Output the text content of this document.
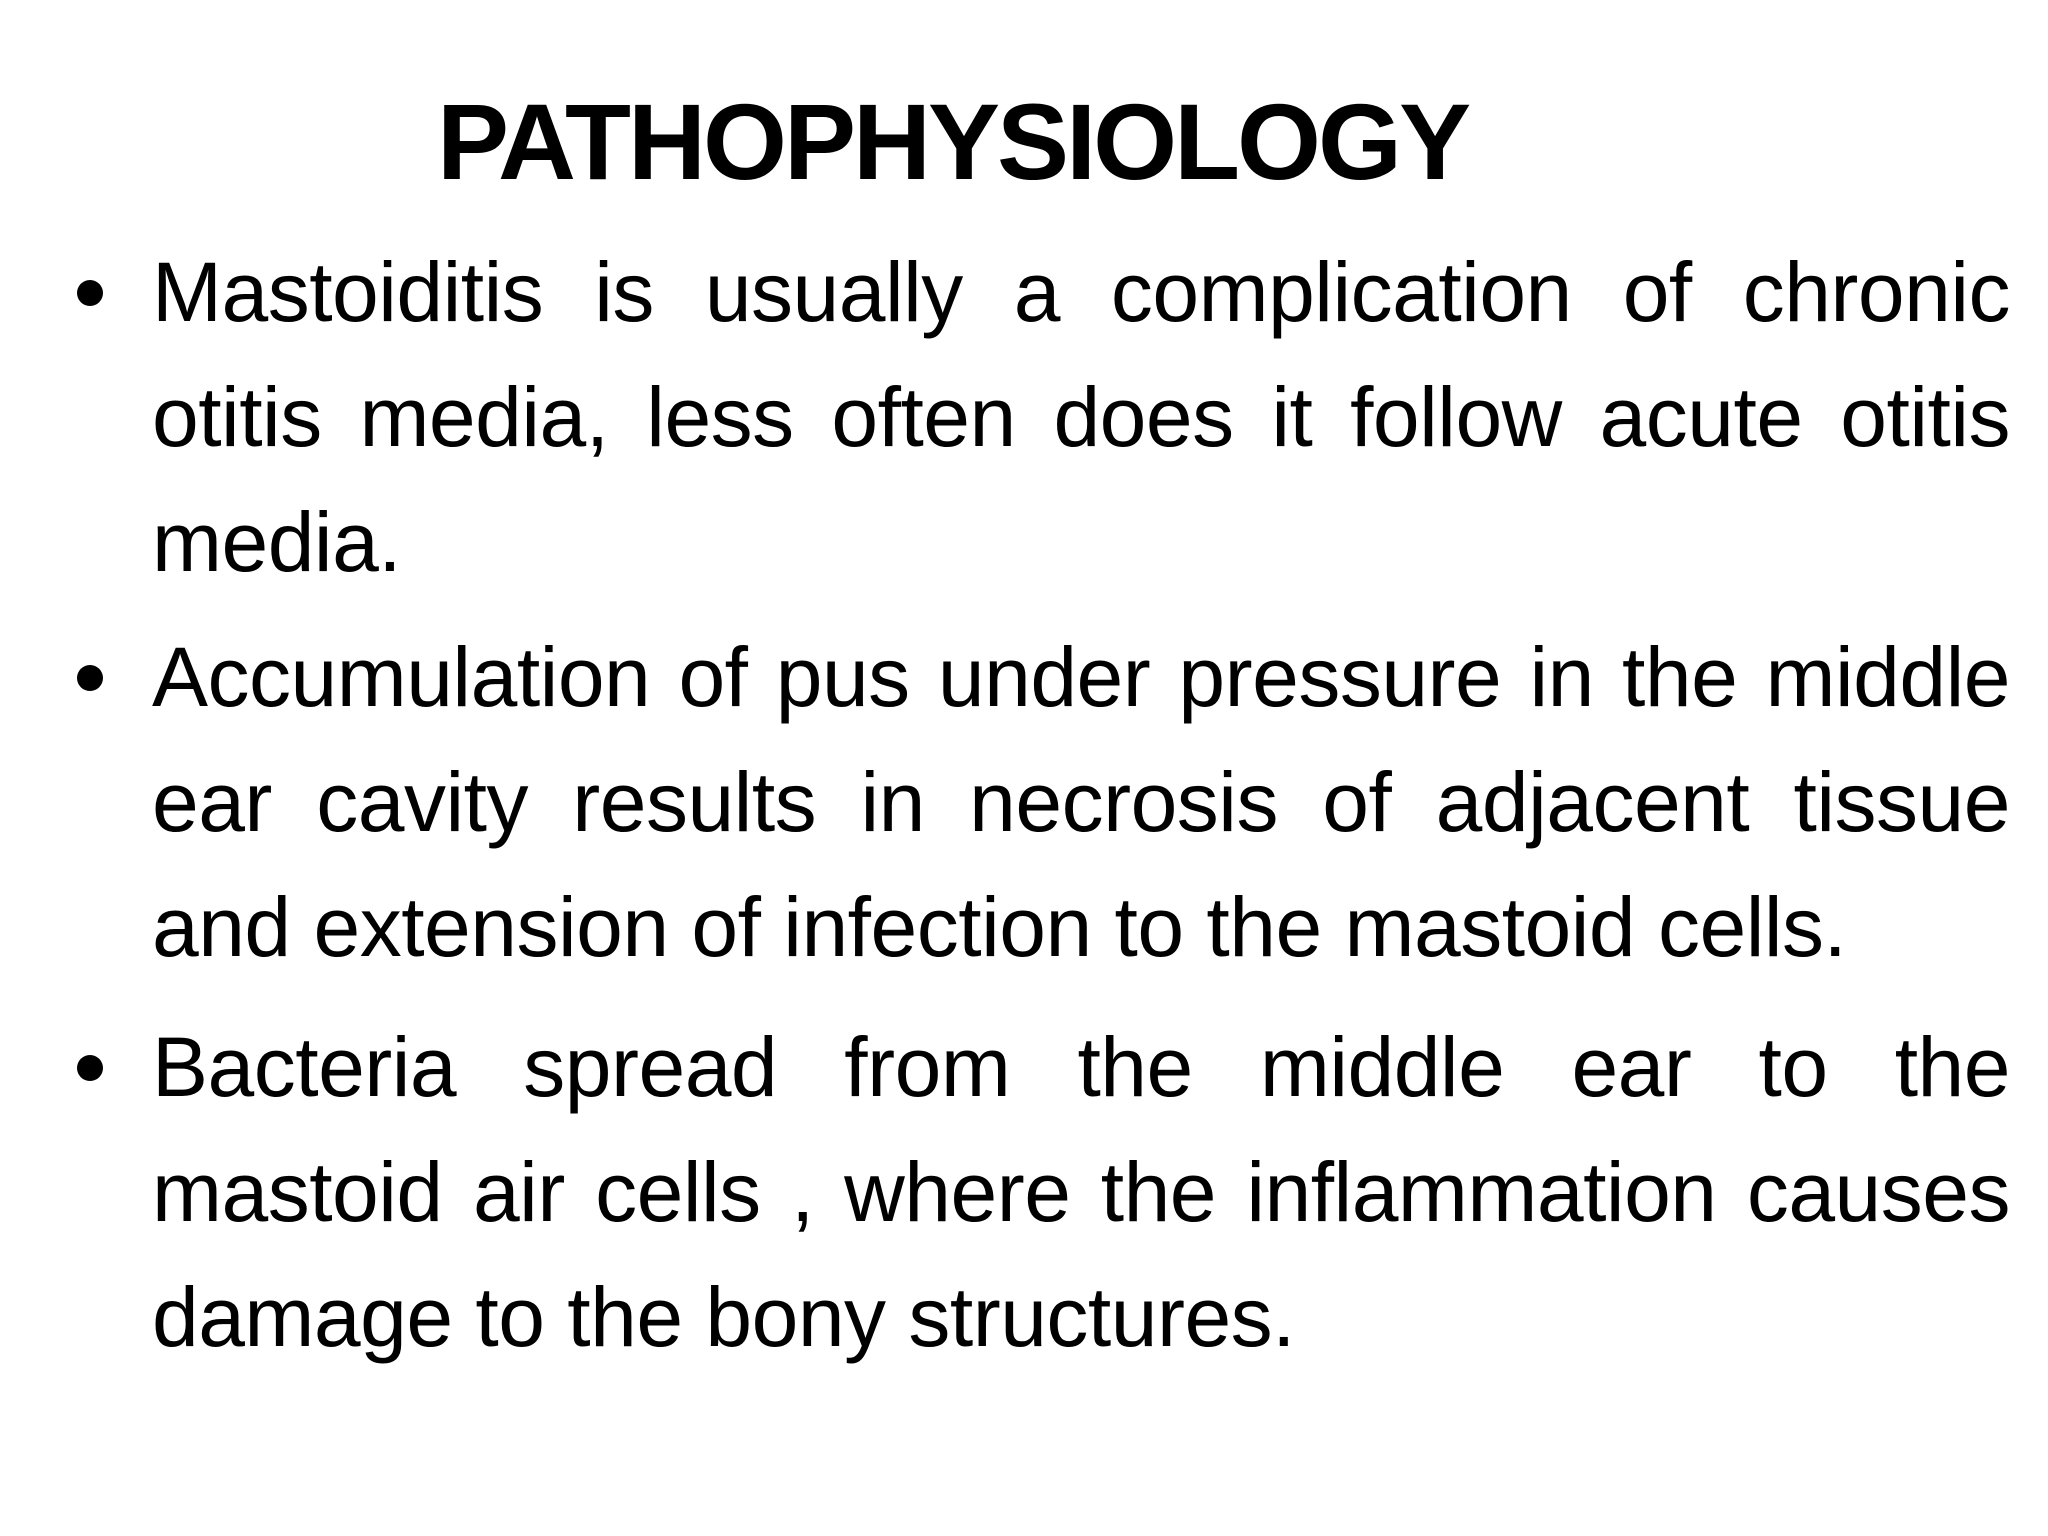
PATHOPHYSIOLOGY
Mastoiditis is usually a complication of chronic otitis media, less often does it follow acute otitis media.
Accumulation of pus under pressure in the middle ear cavity results in necrosis of adjacent tissue and extension of infection to the mastoid cells.
Bacteria spread from the middle ear to the mastoid air cells , where the inflammation causes damage to the bony structures.
